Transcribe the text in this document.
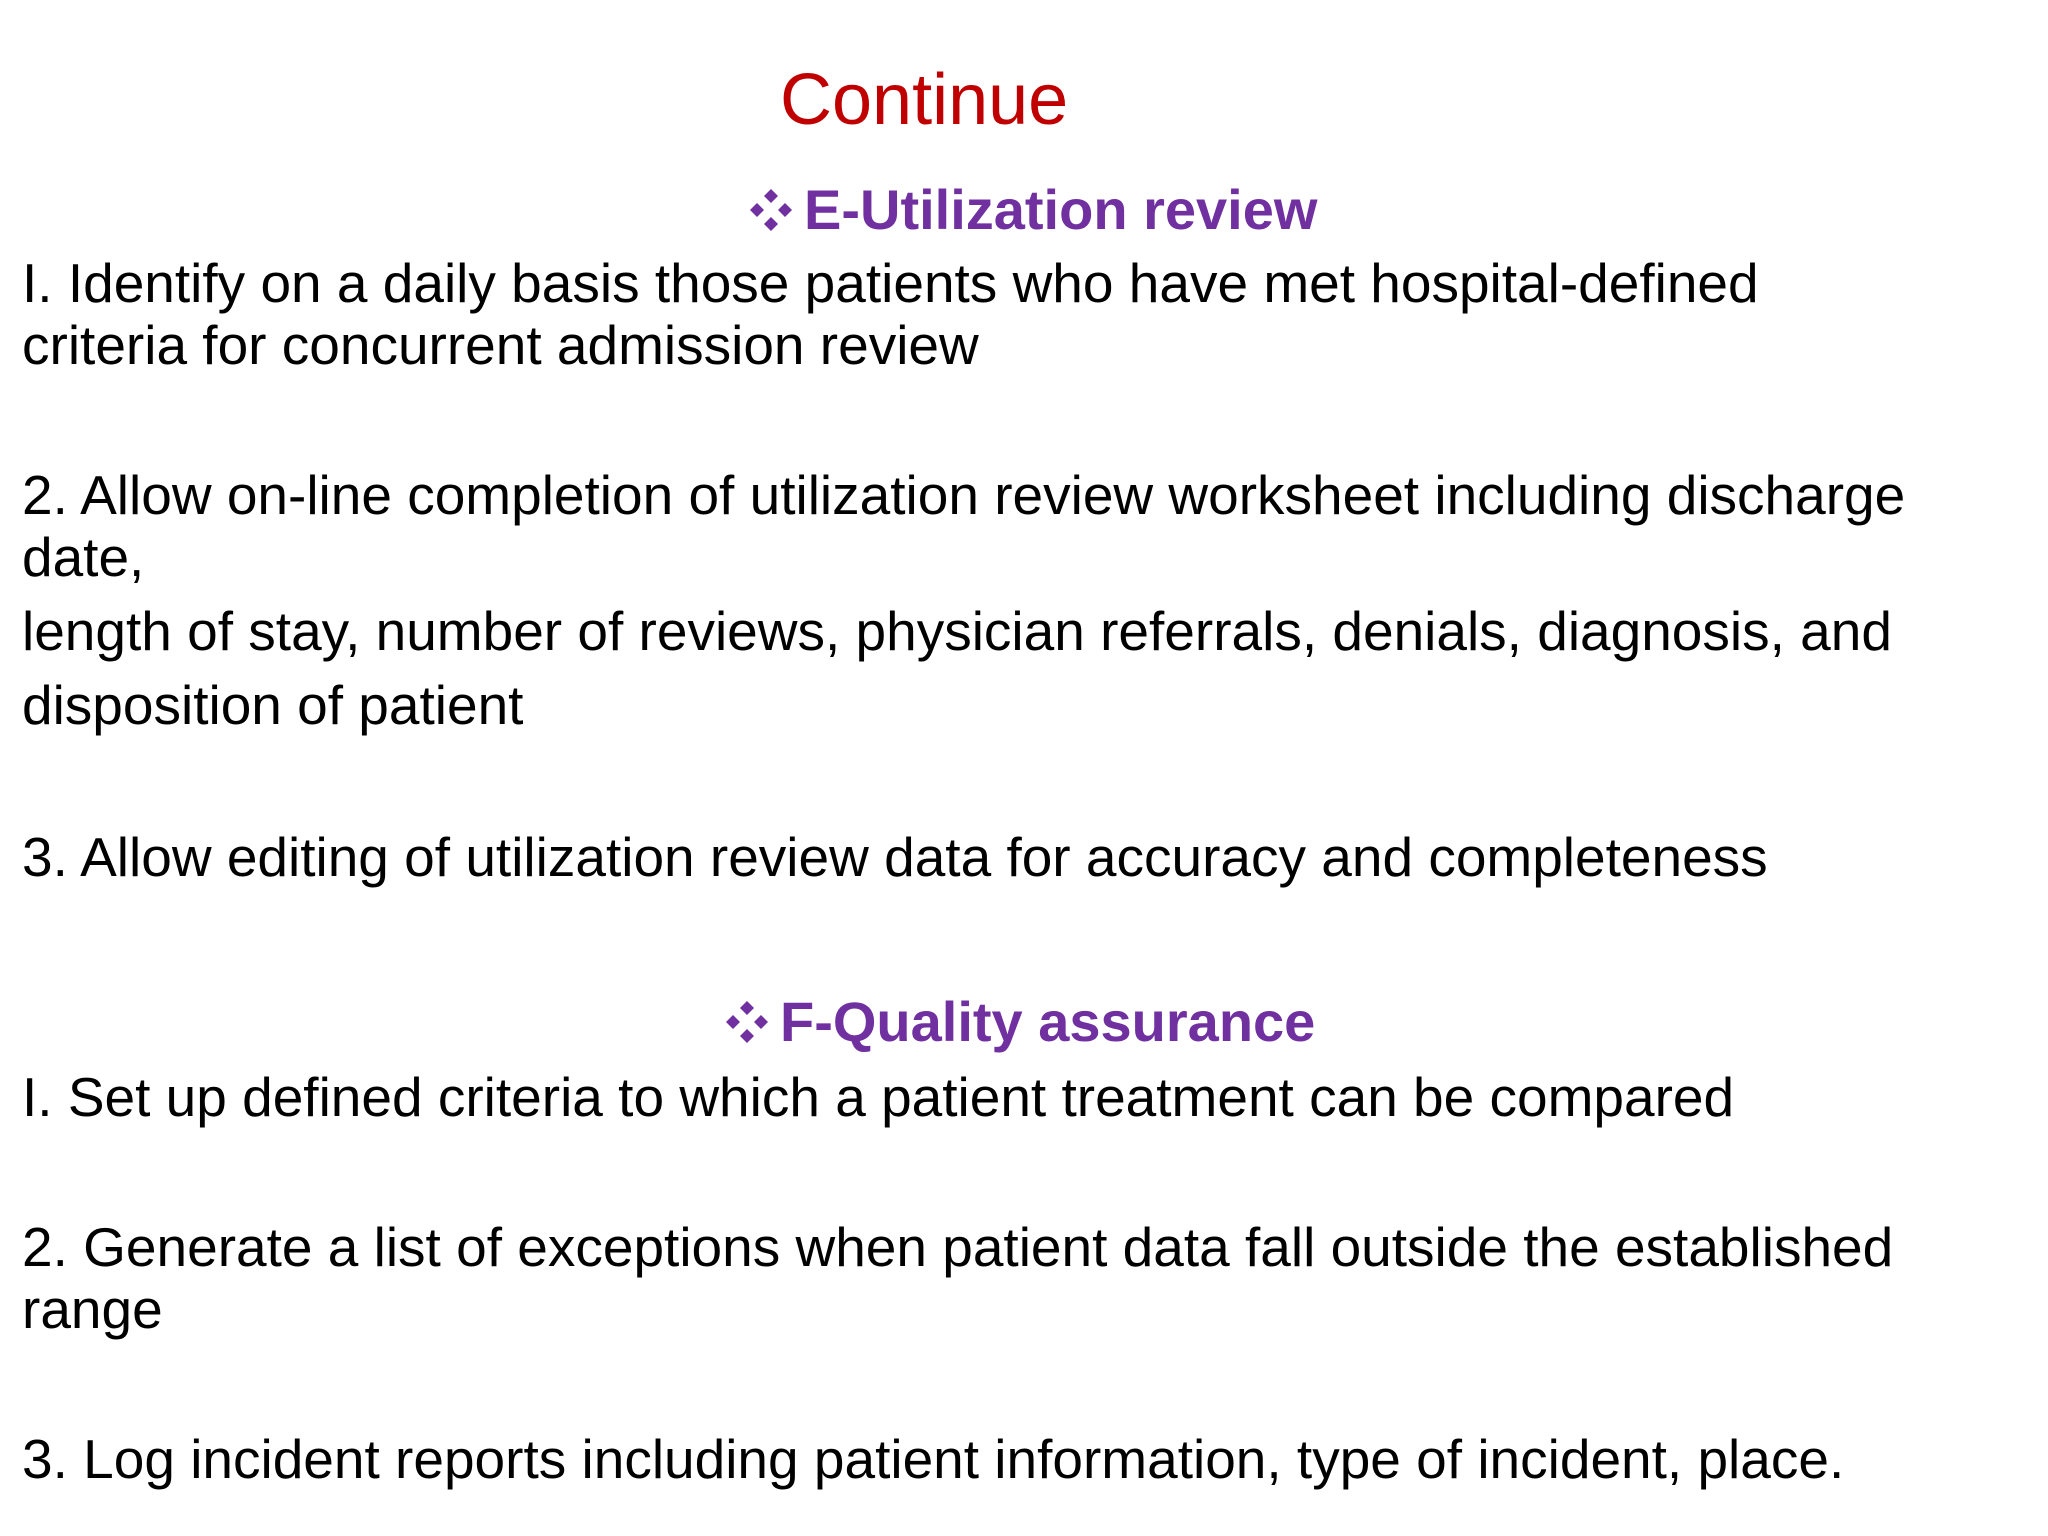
Continue
E-Utilization review
I. Identify on a daily basis those patients who have met hospital-defined
criteria for concurrent admission review
2. Allow on-line completion of utilization review worksheet including discharge
date,
length of stay, number of reviews, physician referrals, denials, diagnosis, and
disposition of patient
3. Allow editing of utilization review data for accuracy and completeness
F-Quality assurance
I. Set up defined criteria to which a patient treatment can be compared
2. Generate a list of exceptions when patient data fall outside the established
range
3. Log incident reports including patient information, type of incident, place.
